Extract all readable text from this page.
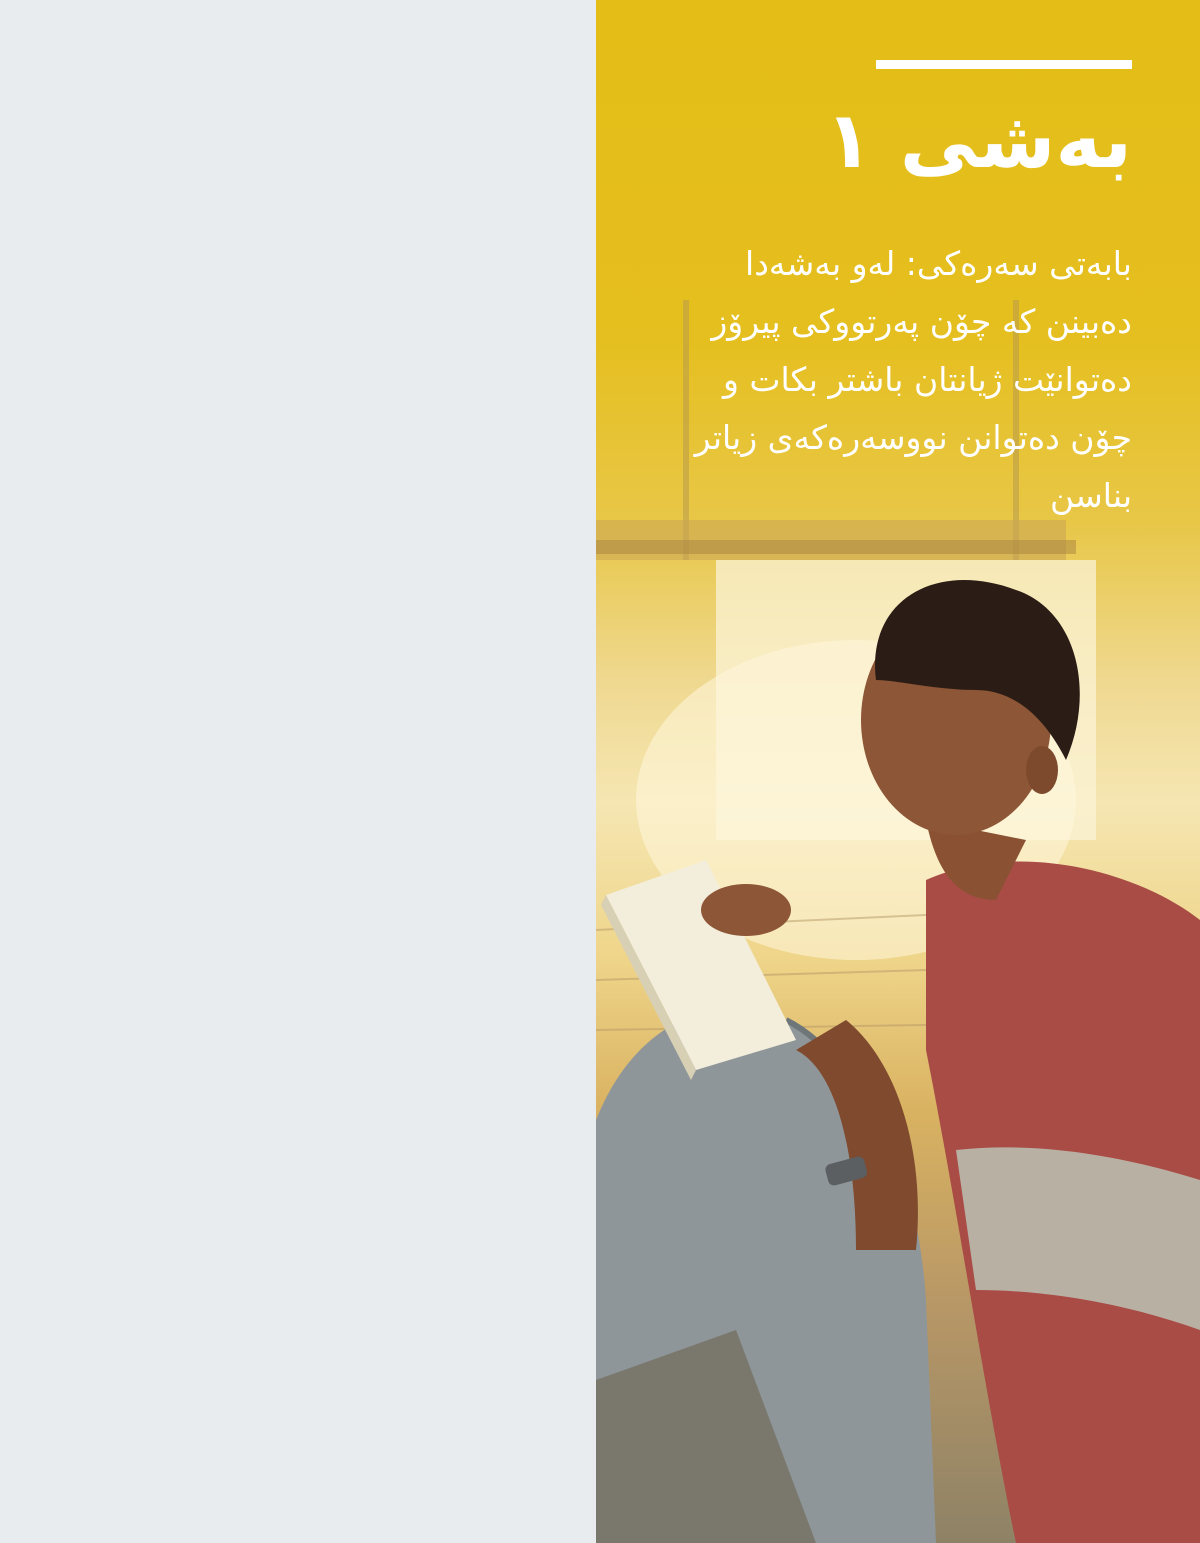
بەشی ١

بابەتی سەرەکی: لەو بەشەدا دەبینن کە چۆن پەرتووکی پیرۆز دەتوانێت ژیانتان باشتر بکات و چۆن دەتوانن نووسەرەکەی زیاتر بناسن
